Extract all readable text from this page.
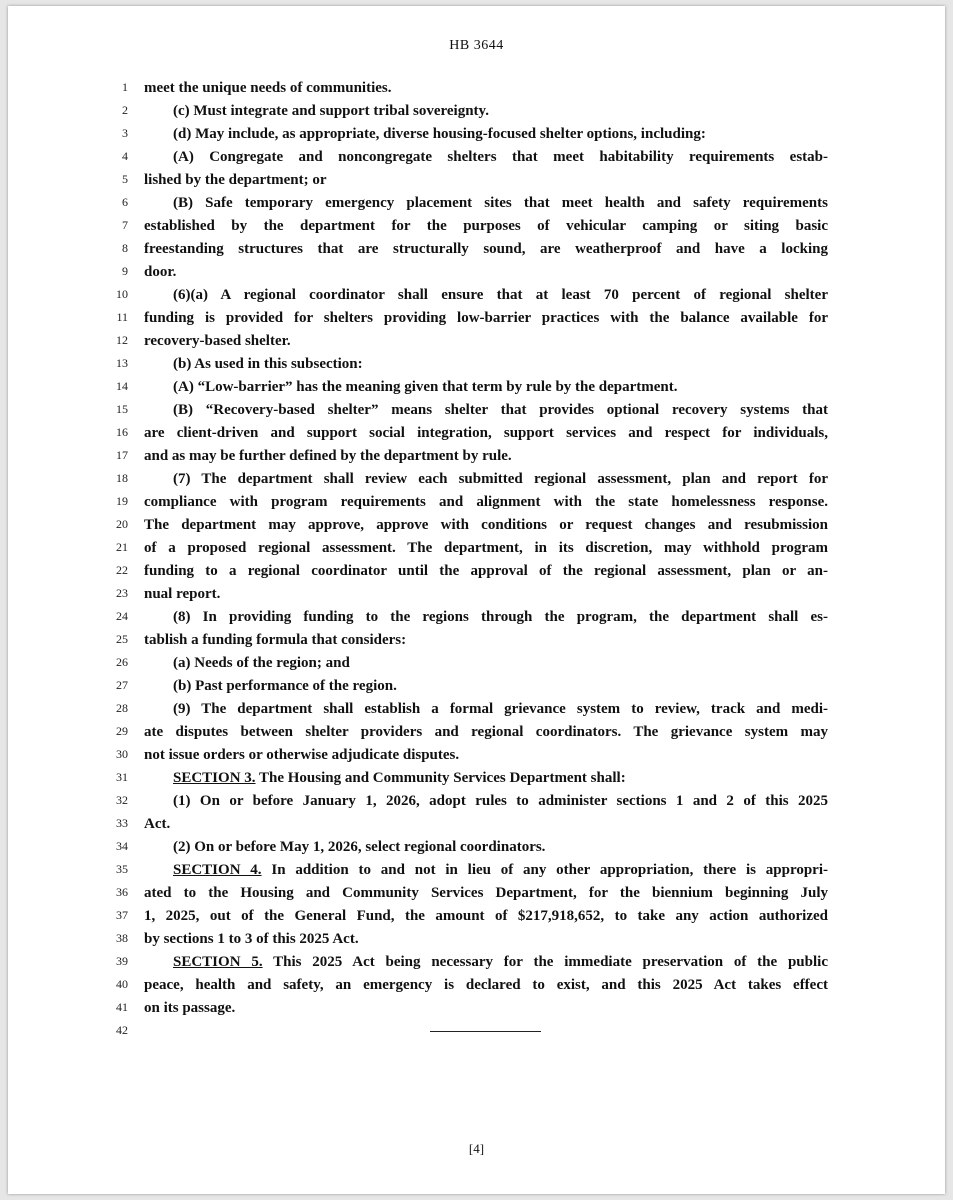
HB 3644
1 meet the unique needs of communities.
2	(c) Must integrate and support tribal sovereignty.
3	(d) May include, as appropriate, diverse housing-focused shelter options, including:
4	(A) Congregate and noncongregate shelters that meet habitability requirements estab-
5 lished by the department; or
6	(B) Safe temporary emergency placement sites that meet health and safety requirements
7 established by the department for the purposes of vehicular camping or siting basic
8 freestanding structures that are structurally sound, are weatherproof and have a locking
9 door.
10	(6)(a) A regional coordinator shall ensure that at least 70 percent of regional shelter
11 funding is provided for shelters providing low-barrier practices with the balance available for
12 recovery-based shelter.
13	(b) As used in this subsection:
14	(A) “Low-barrier” has the meaning given that term by rule by the department.
15	(B) “Recovery-based shelter” means shelter that provides optional recovery systems that
16 are client-driven and support social integration, support services and respect for individuals,
17 and as may be further defined by the department by rule.
18	(7) The department shall review each submitted regional assessment, plan and report for
19 compliance with program requirements and alignment with the state homelessness response.
20 The department may approve, approve with conditions or request changes and resubmission
21 of a proposed regional assessment. The department, in its discretion, may withhold program
22 funding to a regional coordinator until the approval of the regional assessment, plan or an-
23 nual report.
24	(8) In providing funding to the regions through the program, the department shall es-
25 tablish a funding formula that considers:
26	(a) Needs of the region; and
27	(b) Past performance of the region.
28	(9) The department shall establish a formal grievance system to review, track and medi-
29 ate disputes between shelter providers and regional coordinators. The grievance system may
30 not issue orders or otherwise adjudicate disputes.
31	SECTION 3. The Housing and Community Services Department shall:
32	(1) On or before January 1, 2026, adopt rules to administer sections 1 and 2 of this 2025
33 Act.
34	(2) On or before May 1, 2026, select regional coordinators.
35	SECTION 4. In addition to and not in lieu of any other appropriation, there is appropri-
36 ated to the Housing and Community Services Department, for the biennium beginning July
37 1, 2025, out of the General Fund, the amount of $217,918,652, to take any action authorized
38 by sections 1 to 3 of this 2025 Act.
39	SECTION 5. This 2025 Act being necessary for the immediate preservation of the public
40 peace, health and safety, an emergency is declared to exist, and this 2025 Act takes effect
41 on its passage.
42
[4]
